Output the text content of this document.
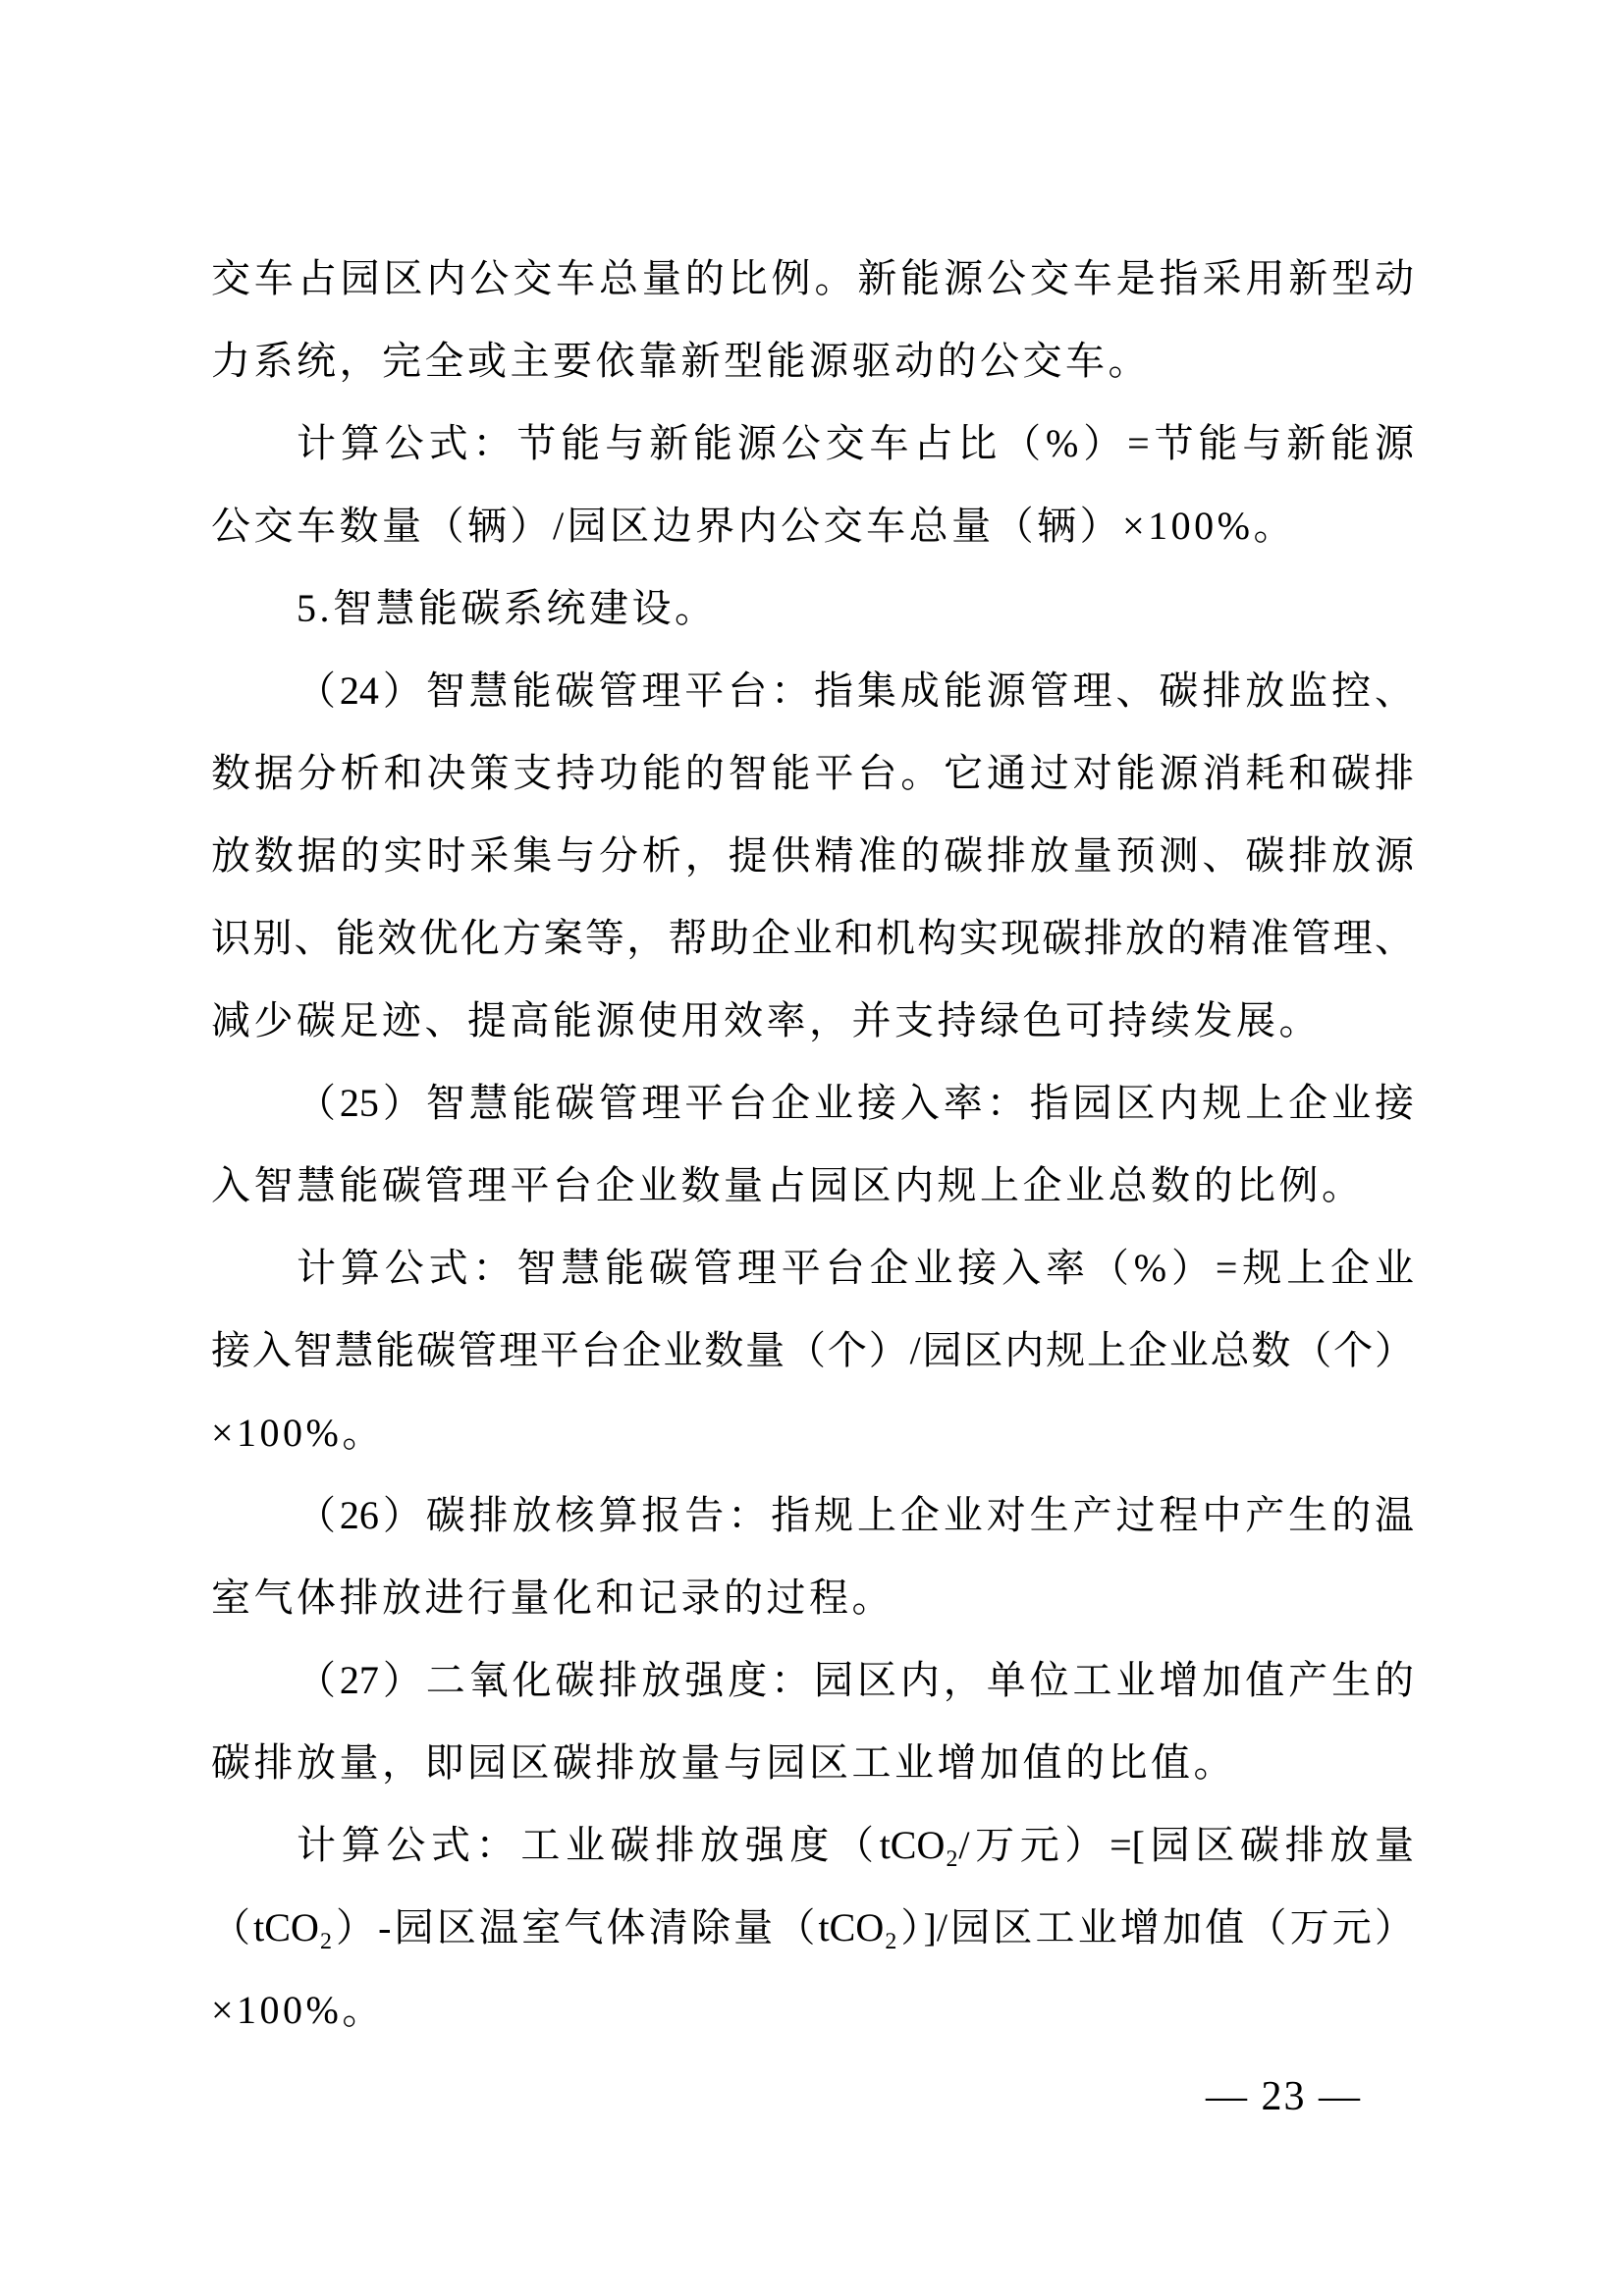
交车占园区内公交车总量的比例。新能源公交车是指采用新型动
力系统，完全或主要依靠新型能源驱动的公交车。
计算公式：节能与新能源公交车占比（%）=节能与新能源
公交车数量（辆）/园区边界内公交车总量（辆）×100%。
5.智慧能碳系统建设。
（24）智慧能碳管理平台：指集成能源管理、碳排放监控、
数据分析和决策支持功能的智能平台。它通过对能源消耗和碳排
放数据的实时采集与分析，提供精准的碳排放量预测、碳排放源
识别、能效优化方案等，帮助企业和机构实现碳排放的精准管理、
减少碳足迹、提高能源使用效率，并支持绿色可持续发展。
（25）智慧能碳管理平台企业接入率：指园区内规上企业接
入智慧能碳管理平台企业数量占园区内规上企业总数的比例。
计算公式：智慧能碳管理平台企业接入率（%）=规上企业
接入智慧能碳管理平台企业数量（个）/园区内规上企业总数（个）
×100%。
（26）碳排放核算报告：指规上企业对生产过程中产生的温
室气体排放进行量化和记录的过程。
（27）二氧化碳排放强度：园区内，单位工业增加值产生的
碳排放量，即园区碳排放量与园区工业增加值的比值。
计算公式：工业碳排放强度（tCO₂/万元）=[园区碳排放量
（tCO₂）-园区温室气体清除量（tCO₂）]/园区工业增加值（万元）
×100%。
— 23 —
